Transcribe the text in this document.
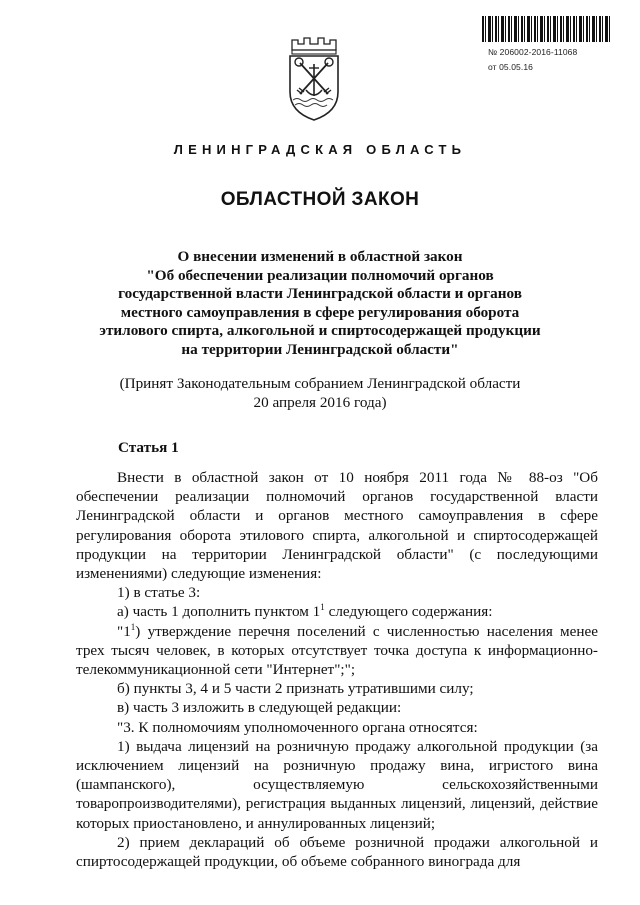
№ 206002-2016-11068
от 05.05.16
ЛЕНИНГРАДСКАЯ ОБЛАСТЬ
ОБЛАСТНОЙ ЗАКОН
О внесении изменений в областной закон
"Об обеспечении реализации полномочий органов
государственной власти Ленинградской области и органов
местного самоуправления в сфере регулирования оборота
этилового спирта, алкогольной и спиртосодержащей продукции
на территории Ленинградской области"
(Принят Законодательным собранием Ленинградской области
20 апреля 2016 года)
Статья 1

Внести в областной закон от 10 ноября 2011 года № 88-оз "Об обеспечении реализации полномочий органов государственной власти Ленинградской области и органов местного самоуправления в сфере регулирования оборота этилового спирта, алкогольной и спиртосодержащей продукции на территории Ленинградской области" (с последующими изменениями) следующие изменения:

1) в статье 3:

а) часть 1 дополнить пунктом $1^1$ следующего содержания:

"$1^1$) утверждение перечня поселений с численностью населения менее трех тысяч человек, в которых отсутствует точка доступа к информационно-телекоммуникационной сети "Интернет";";

б) пункты 3, 4 и 5 части 2 признать утратившими силу;

в) часть 3 изложить в следующей редакции:

"3. К полномочиям уполномоченного органа относятся:

1) выдача лицензий на розничную продажу алкогольной продукции (за исключением лицензий на розничную продажу вина, игристого вина (шампанского), осуществляемую сельскохозяйственными товаропроизводителями), регистрация выданных лицензий, лицензий, действие которых приостановлено, и аннулированных лицензий;

2) прием деклараций об объеме розничной продажи алкогольной и спиртосодержащей продукции, об объеме собранного винограда для
